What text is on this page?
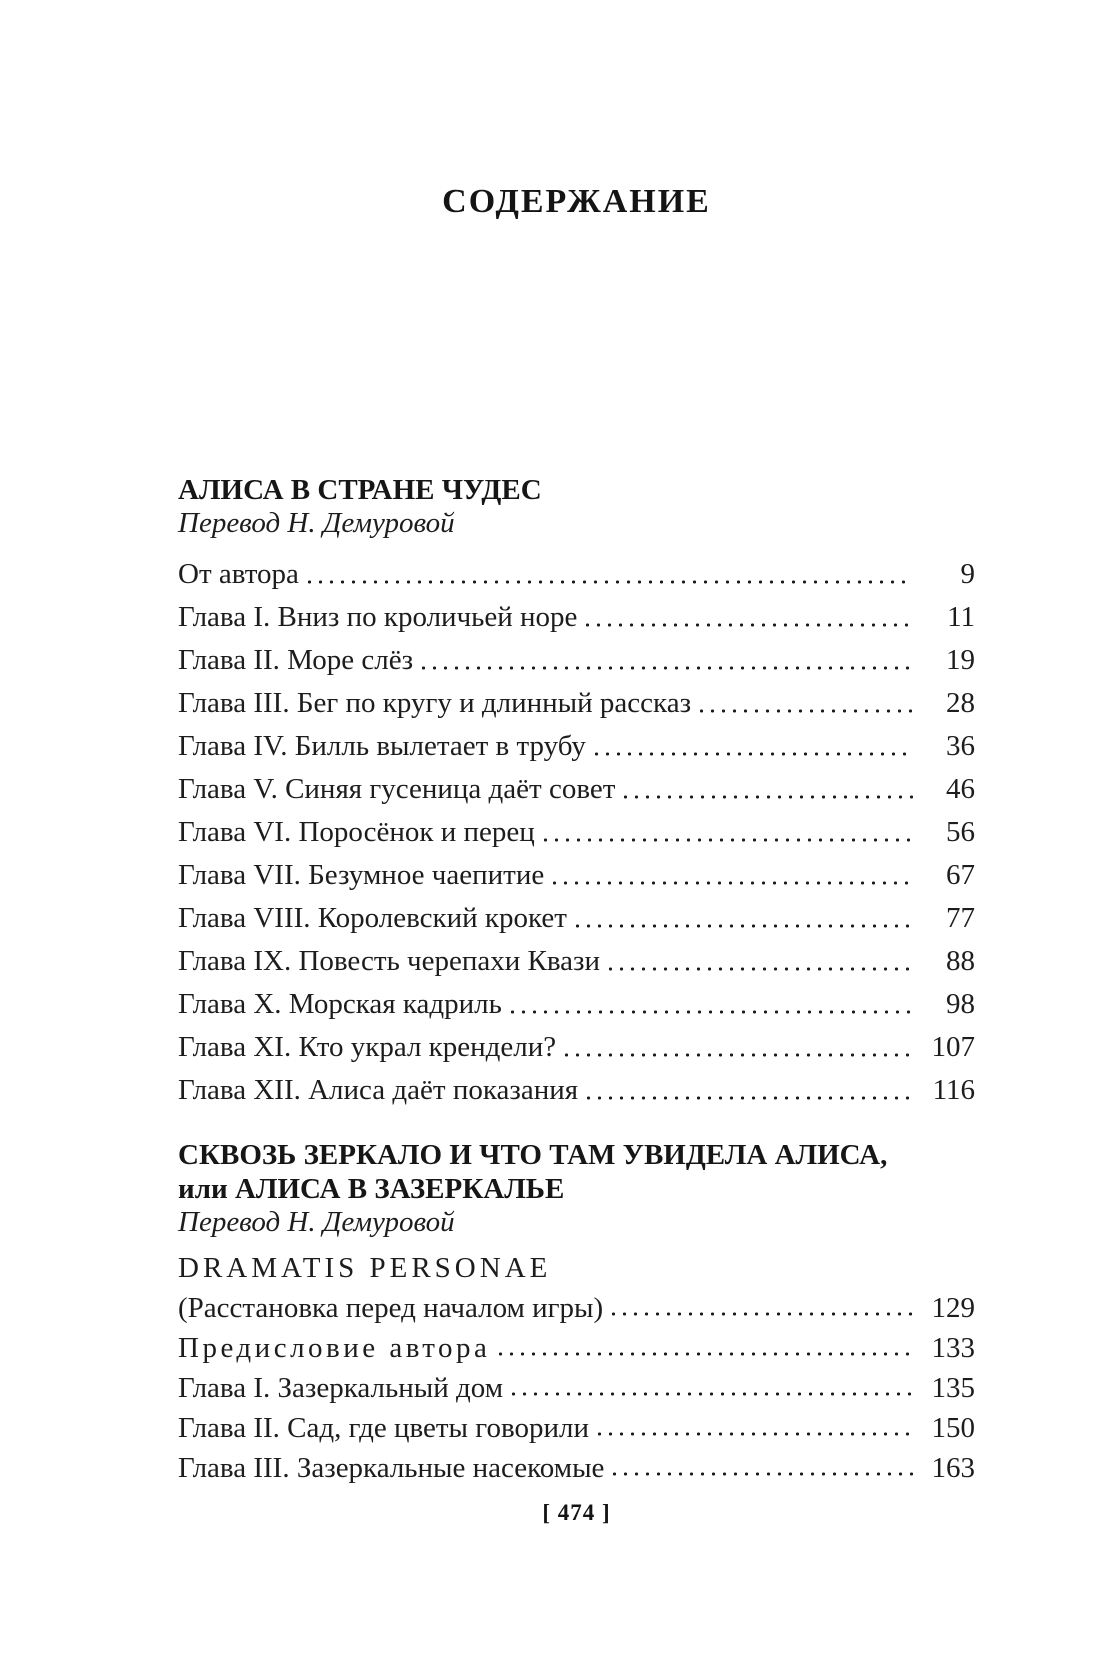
СОДЕРЖАНИЕ
АЛИСА В СТРАНЕ ЧУДЕС

Перевод Н. Демуровой

От автора	9
Глава I. Вниз по кроличьей норе	11
Глава II. Море слёз	19
Глава III. Бег по кругу и длинный рассказ	28
Глава IV. Билль вылетает в трубу	36
Глава V. Синяя гусеница даёт совет	46
Глава VI. Поросёнок и перец	56
Глава VII. Безумное чаепитие	67
Глава VIII. Королевский крокет	77
Глава IX. Повесть черепахи Квази	88
Глава X. Морская кадриль	98
Глава XI. Кто украл крендели?	107
Глава XII. Алиса даёт показания	116
СКВОЗЬ ЗЕРКАЛО И ЧТО ТАМ УВИДЕЛА АЛИСА,
или АЛИСА В ЗАЗЕРКАЛЬЕ

Перевод Н. Демуровой

DRAMATIS PERSONAE
(Расстановка перед началом игры)	129
Предисловие автора	133
Глава I. Зазеркальный дом	135
Глава II. Сад, где цветы говорили	150
Глава III. Зазеркальные насекомые	163
[ 474 ]
